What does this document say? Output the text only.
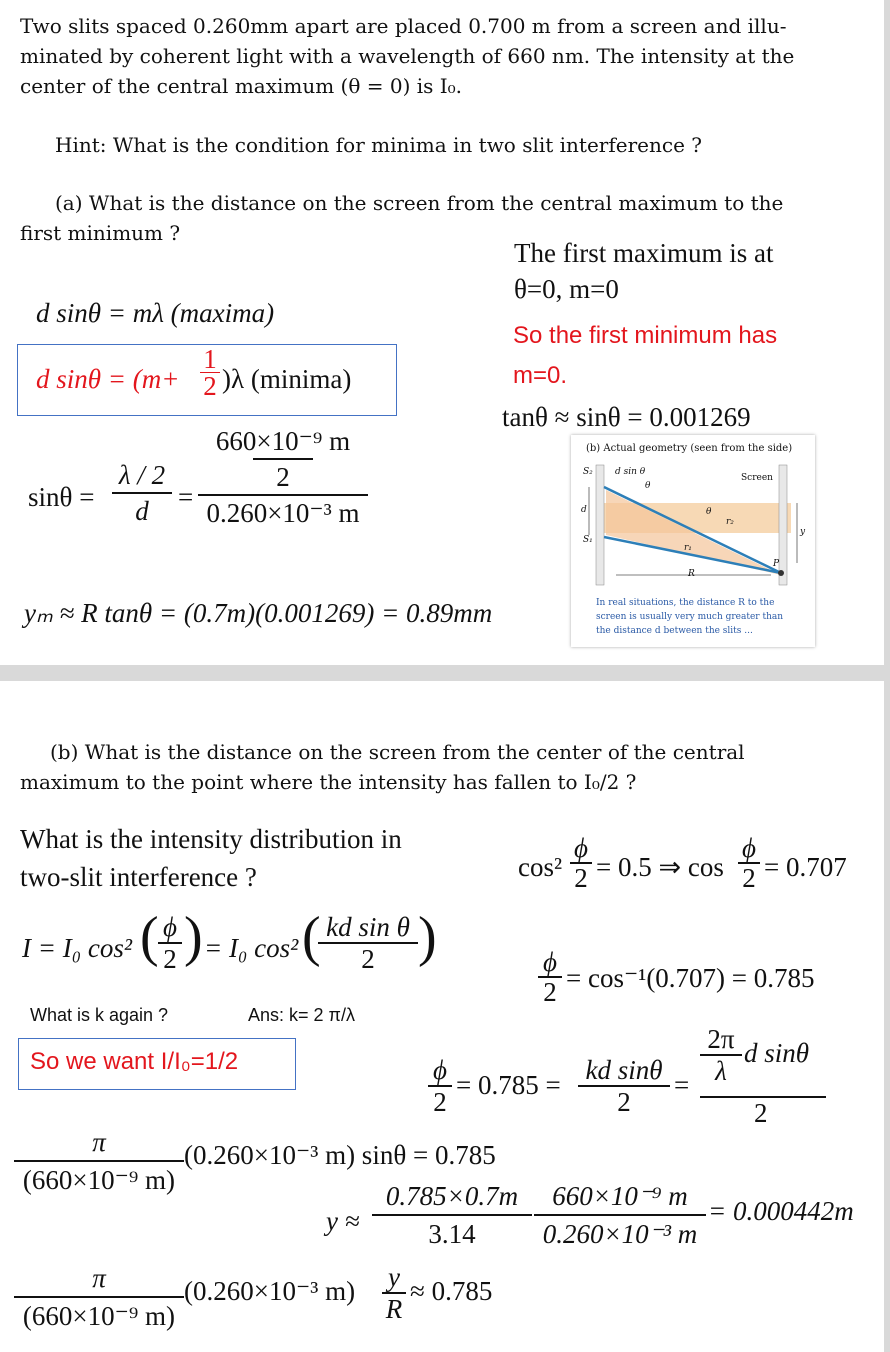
Two slits spaced 0.260mm apart are placed 0.700 m from a screen and illu-
minated by coherent light with a wavelength of 660 nm. The intensity at the
center of the central maximum (θ = 0) is I₀.
Hint: What is the condition for minima in two slit interference ?
(a) What is the distance on the screen from the central maximum to the
first minimum ?
The first maximum is at
θ=0, m=0
d sinθ = mλ (maxima)
So the first minimum has
m=0.
d $\sin\theta = (m+ \frac{1}{2} )\lambda$ (minima)
tanθ ≈ sinθ = 0.001269
$\sin\theta = \frac{\lambda / 2}{d}$ =
660×10⁻⁹ m
2
0.260×10⁻³ m
yₘ ≈ R tanθ = (0.7m)(0.001269) = 0.89mm
(b) Actual geometry (seen from the side)
S₂ d sin θ
θ
Screen
d
S₁
θ
r₂
r₁
y
R
P
In real situations, the distance R to the
screen is usually very much greater than
the distance d between the slits ...
(b) What is the distance on the screen from the center of the central
maximum to the point where the intensity has fallen to I₀/2 ?
What is the intensity distribution in
two-slit interference ?	$\cos^2 \frac{\phi}{2} = 0.5$ ⇒ $\cos \frac{\phi}{2} = 0.707$
I = I₀ cos² ( $\frac{\phi}{2}$ ) = I₀ cos² (
$\frac{\text{kd sin θ}}{2}$ )
$\frac{\phi}{2} = \cos^{-1}(0.707) = 0.785$
What is k again ?	Ans: k= 2 π/λ
So we want I/I₀=1/2	$\frac{\phi}{2} = 0.785 = \frac{\text{kd sinθ}}{2} = \frac{2\pi}{\lambda}$ d sinθ
2
$\frac{\pi}{\text{(660×10⁻⁹ m)}} (0.260\times 10^{-3}$ m) sinθ = 0.785
$y \approx \frac{0.785\times 0.7m}{3.14} \frac{\text{660×10⁻⁹ m}}{\text{0.260×10⁻³ m}} = 0.000442m$
$\frac{\pi}{\text{(660×10⁻⁹ m)}} (0.260\times 10^{-3}$ $m) \frac{y}{R} \approx 0.785$
